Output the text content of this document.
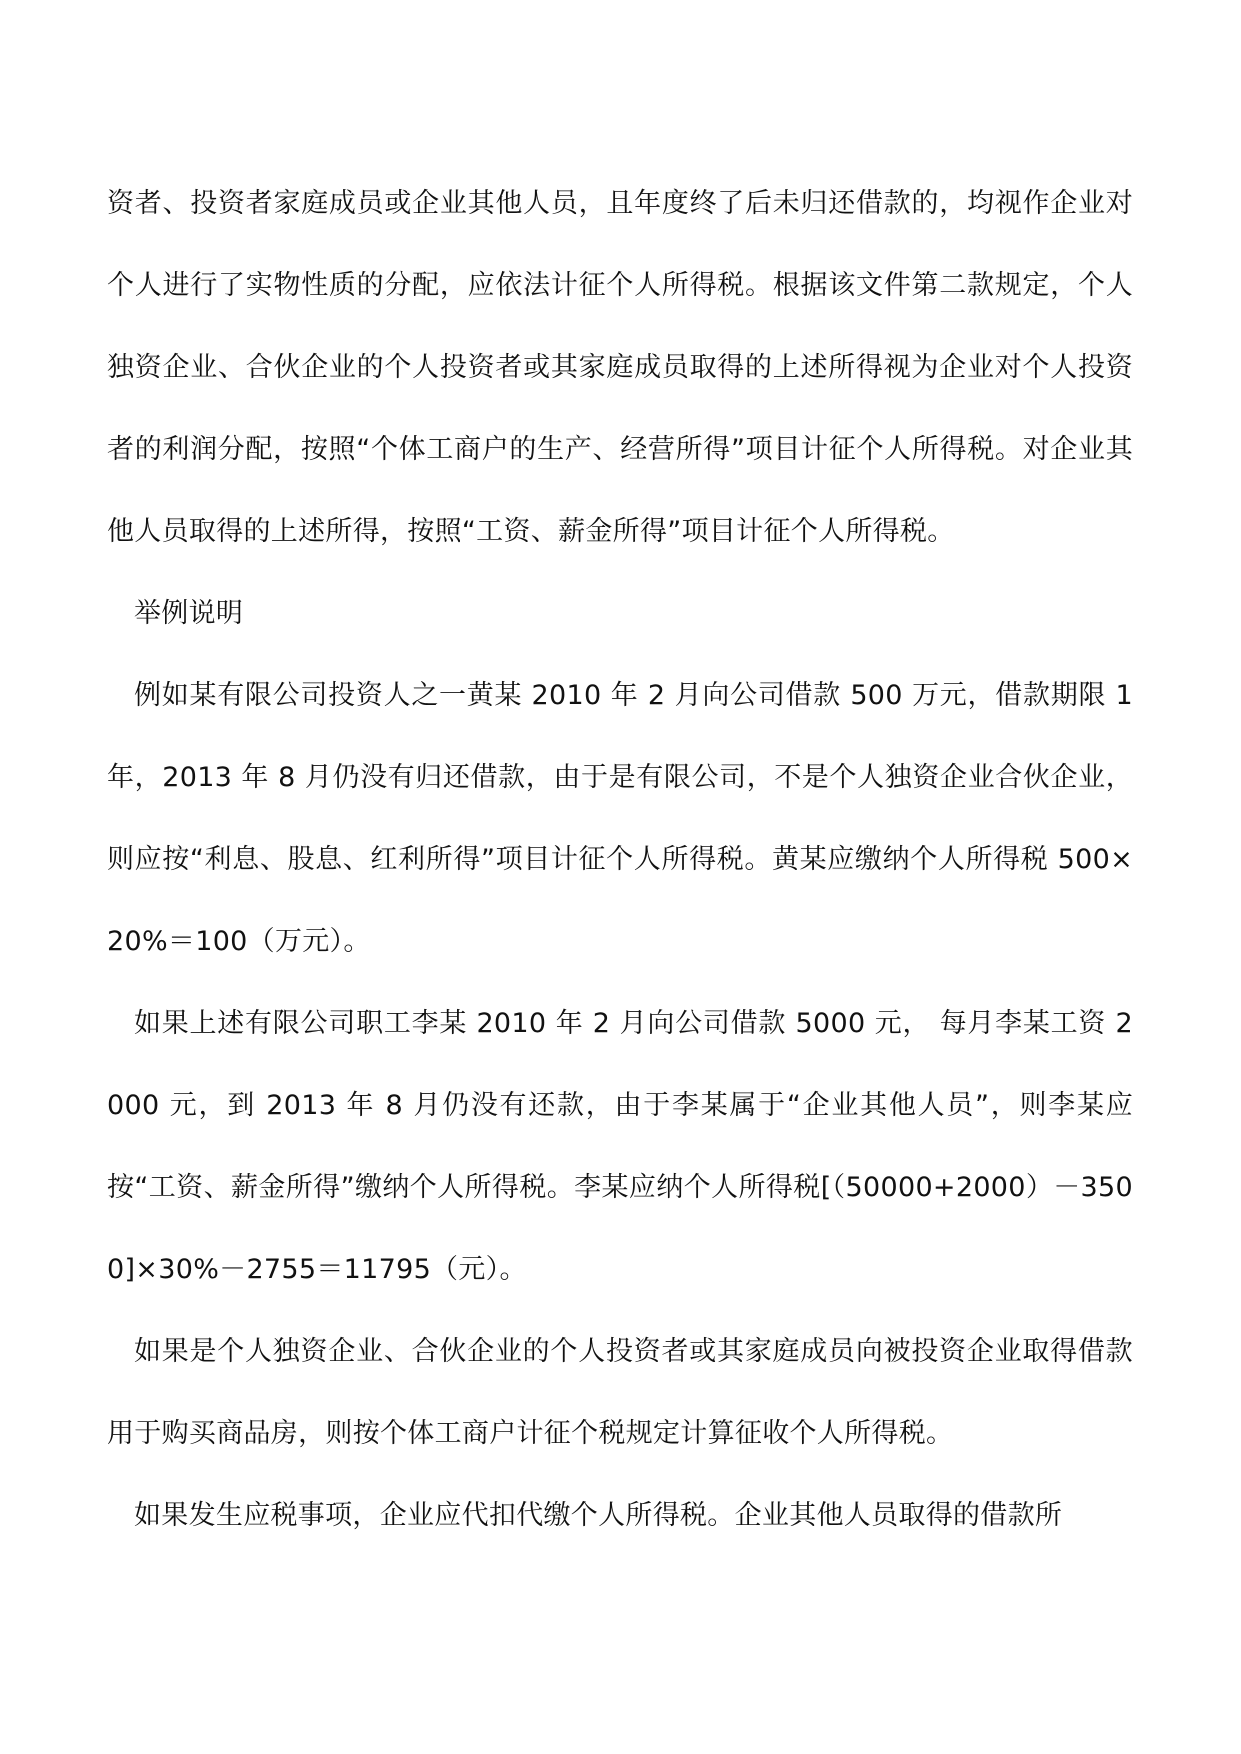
资者、投资者家庭成员或企业其他人员，且年度终了后未归还借款的，均视作企业对个人进行了实物性质的分配，应依法计征个人所得税。根据该文件第二款规定，个人独资企业、合伙企业的个人投资者或其家庭成员取得的上述所得视为企业对个人投资者的利润分配，按照“个体工商户的生产、经营所得”项目计征个人所得税。对企业其他人员取得的上述所得，按照“工资、薪金所得”项目计征个人所得税。

举例说明

例如某有限公司投资人之一黄某 2010 年 2 月向公司借款 500 万元，借款期限 1 年，2013 年 8 月仍没有归还借款，由于是有限公司，不是个人独资企业合伙企业，则应按“利息、股息、红利所得”项目计征个人所得税。黄某应缴纳个人所得税 500×20%＝100（万元）。

如果上述有限公司职工李某 2010 年 2 月向公司借款 5000 元， 每月李某工资 2000 元，到 2013 年 8 月仍没有还款，由于李某属于“企业其他人员”，则李某应按“工资、薪金所得”缴纳个人所得税。李某应纳个人所得税[（50000+2000）－3500]×30%－2755＝11795（元）。

如果是个人独资企业、合伙企业的个人投资者或其家庭成员向被投资企业取得借款用于购买商品房，则按个体工商户计征个税规定计算征收个人所得税。

如果发生应税事项，企业应代扣代缴个人所得税。企业其他人员取得的借款所
